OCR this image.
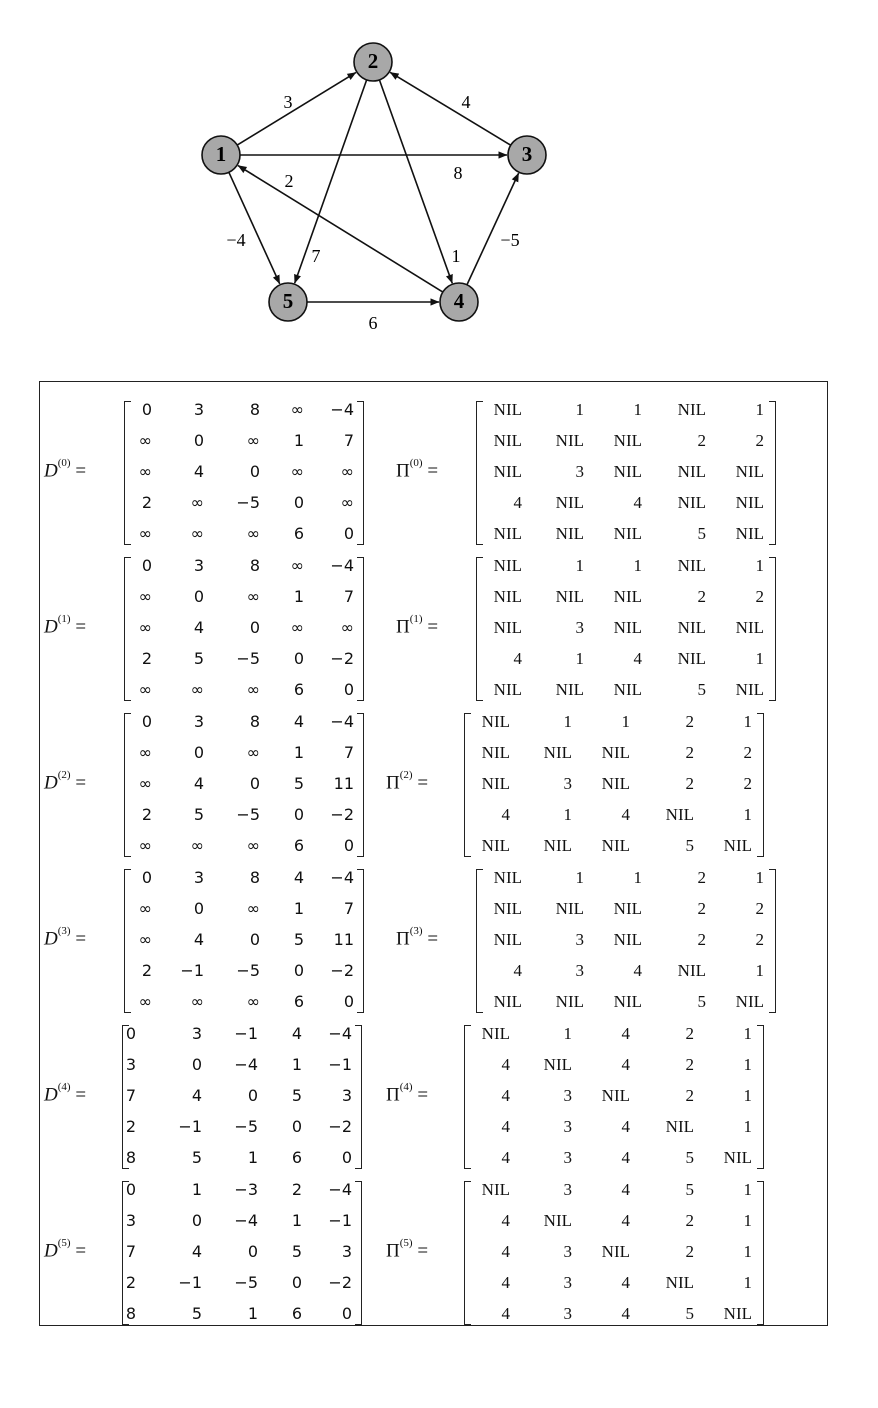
3
8
−4
1
7
4
2
−5
6
1
2
3
4
5
$D^{(0)}$ =
0	3	8	∞	−4
∞	0	∞	1	7
∞	4	0	∞	∞
2	∞	−5	0	∞
∞	∞	∞	6	0
$\Pi^{(0)}$ =
NIL	1	1	NIL	1
NIL	NIL	NIL	2	2
NIL	3	NIL	NIL	NIL
4	NIL	4	NIL	NIL
NIL	NIL	NIL	5	NIL
$D^{(1)}$ =
0	3	8	∞	−4
∞	0	∞	1	7
∞	4	0	∞	∞
2	5	−5	0	−2
∞	∞	∞	6	0
$\Pi^{(1)}$ =
NIL	1	1	NIL	1
NIL	NIL	NIL	2	2
NIL	3	NIL	NIL	NIL
4	1	4	NIL	1
NIL	NIL	NIL	5	NIL
$D^{(2)}$ =
0	3	8	4	−4
∞	0	∞	1	7
∞	4	0	5	11
2	5	−5	0	−2
∞	∞	∞	6	0
$\Pi^{(2)}$ =
NIL	1	1	2	1
NIL	NIL	NIL	2	2
NIL	3	NIL	2	2
4	1	4	NIL	1
NIL	NIL	NIL	5	NIL
$D^{(3)}$ =
0	3	8	4	−4
∞	0	∞	1	7
∞	4	0	5	11
2	−1	−5	0	−2
∞	∞	∞	6	0
$\Pi^{(3)}$ =
NIL	1	1	2	1
NIL	NIL	NIL	2	2
NIL	3	NIL	2	2
4	3	4	NIL	1
NIL	NIL	NIL	5	NIL
$D^{(4)}$ =
0	3	−1	4	−4
3	0	−4	1	−1
7	4	0	5	3
2	−1	−5	0	−2
8	5	1	6	0
$\Pi^{(4)}$ =
NIL	1	4	2	1
4	NIL	4	2	1
4	3	NIL	2	1
4	3	4	NIL	1
4	3	4	5	NIL
$D^{(5)}$ =
0	1	−3	2	−4
3	0	−4	1	−1
7	4	0	5	3
2	−1	−5	0	−2
8	5	1	6	0
$\Pi^{(5)}$ =
NIL	3	4	5	1
4	NIL	4	2	1
4	3	NIL	2	1
4	3	4	NIL	1
4	3	4	5	NIL
